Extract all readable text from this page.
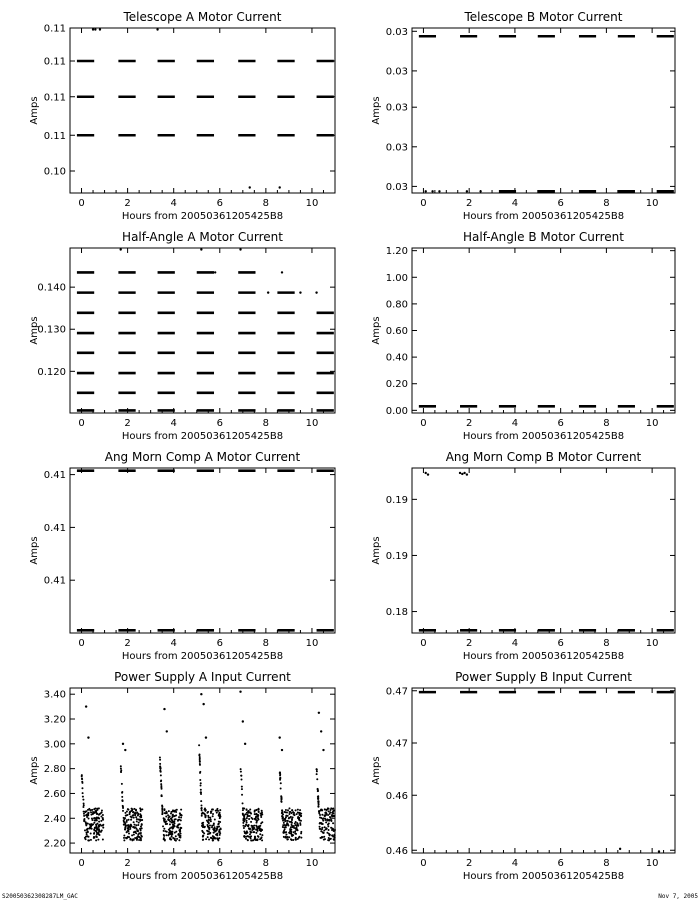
Telescope A Motor Current
Hours from 20050361205425B8
Amps
0	2	4	6	8	10
0.10
0.11
0.11
0.11
0.11
Telescope B Motor Current
Hours from 20050361205425B8
Amps
0	2	4	6	8	10
0.03
0.03
0.03
0.03
0.03
Half-Angle A Motor Current
Hours from 20050361205425B8
Amps
0	2	4	6	8	10
0.120
0.130
0.140
Half-Angle B Motor Current
Hours from 20050361205425B8
Amps
0	2	4	6	8	10
0.00
0.20
0.40
0.60
0.80
1.00
1.20
Ang Morn Comp A Motor Current
Hours from 20050361205425B8
Amps
0	2	4	6	8	10
0.41
0.41
0.41
Ang Morn Comp B Motor Current
Hours from 20050361205425B8
Amps
0	2	4	6	8	10
0.18
0.19
0.19
Power Supply A Input Current
Hours from 20050361205425B8
Amps
0	2	4	6	8	10
2.20
2.40
2.60
2.80
3.00
3.20
3.40
Power Supply B Input Current
Hours from 20050361205425B8
Amps
0	2	4	6	8	10
0.46
0.46
0.47
0.47
S20050362308287LM_GAC	Nov 7, 2005
